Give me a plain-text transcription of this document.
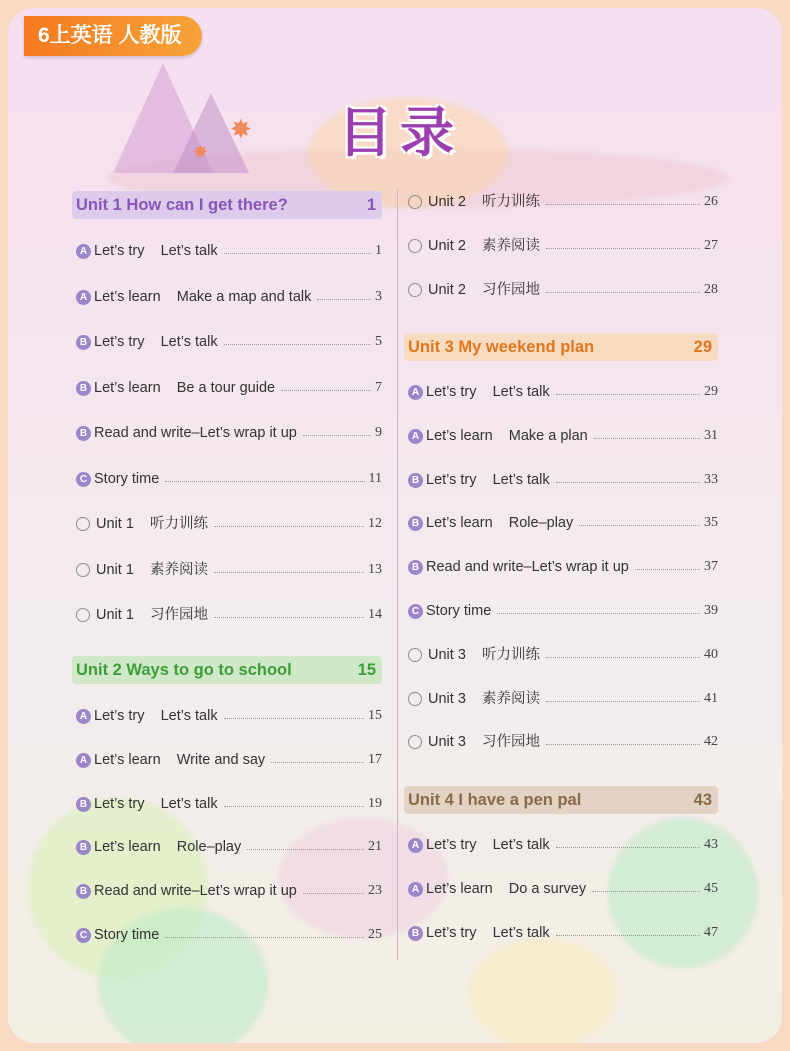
✸
✸
6上英语 人教版
目录
Unit 1 How can I get there?	1
A Let’s try    Let’s talk	1
A Let’s learn    Make a map and talk	3
B Let’s try    Let’s talk	5
B Let’s learn    Be a tour guide	7
B Read and write–Let’s wrap it up	9
C Story time	11
Unit 1    听力训练	12
Unit 1    素养阅读	13
Unit 1    习作园地	14
Unit 2 Ways to go to school	15
A Let’s try    Let’s talk	15
A Let’s learn    Write and say	17
B Let’s try    Let’s talk	19
B Let’s learn    Role–play	21
B Read and write–Let’s wrap it up	23
C Story time	25
Unit 2    听力训练	26
Unit 2    素养阅读	27
Unit 2    习作园地	28
Unit 3 My weekend plan	29
A Let’s try    Let’s talk	29
A Let’s learn    Make a plan	31
B Let’s try    Let’s talk	33
B Let’s learn    Role–play	35
B Read and write–Let’s wrap it up	37
C Story time	39
Unit 3    听力训练	40
Unit 3    素养阅读	41
Unit 3    习作园地	42
Unit 4 I have a pen pal	43
A Let’s try    Let’s talk	43
A Let’s learn    Do a survey	45
B Let’s try    Let’s talk	47
